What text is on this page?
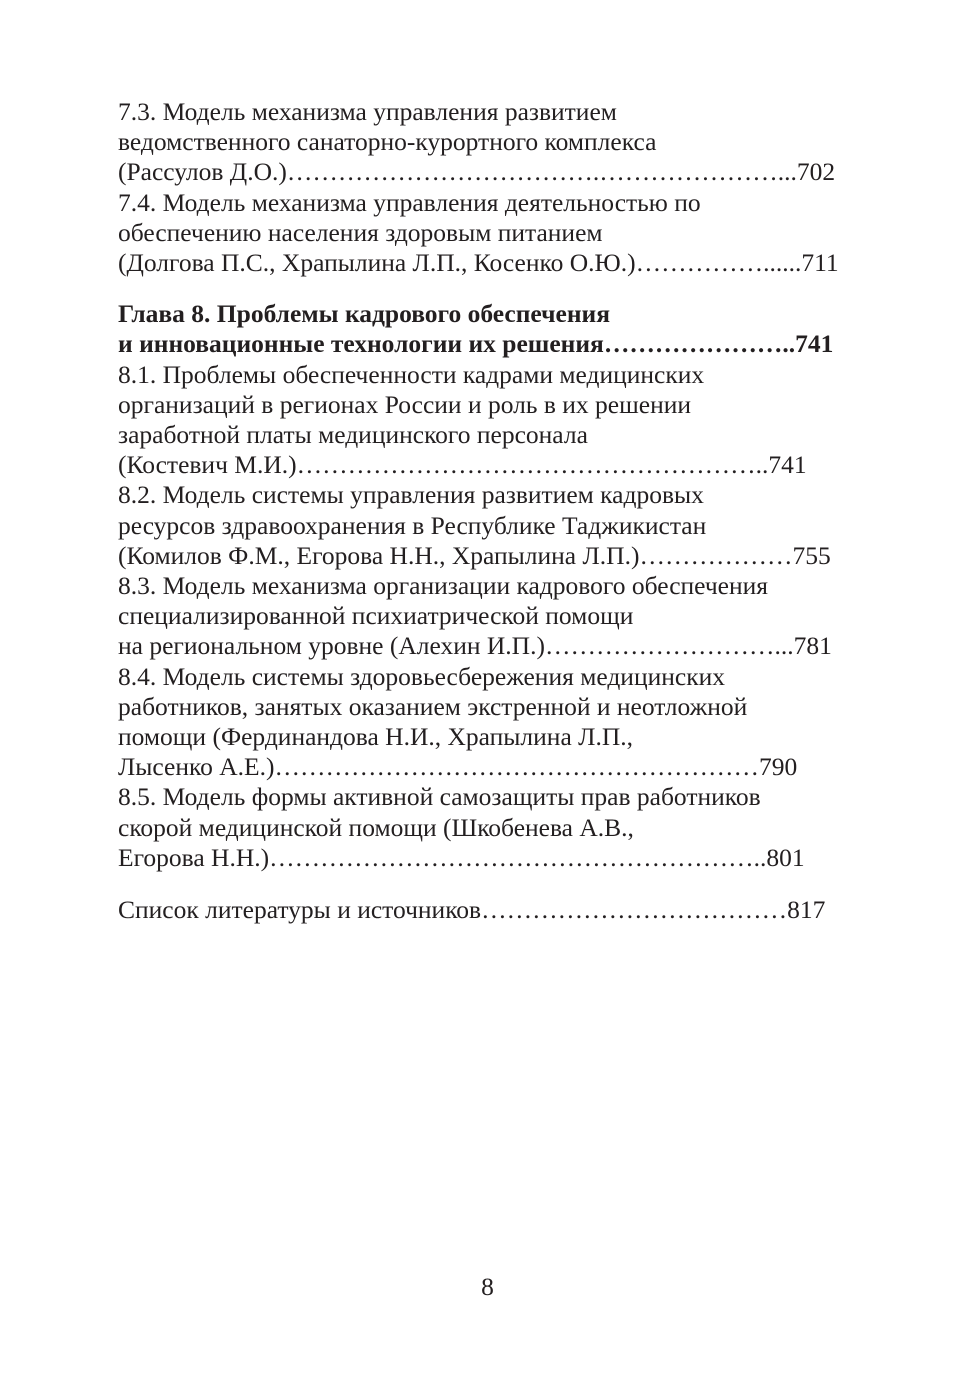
7.3. Модель механизма управления развитием
ведомственного санаторно-курортного комплекса
(Рассулов Д.О.)……………………………….…………………...702
7.4. Модель механизма управления деятельностью по
обеспечению населения здоровым питанием
(Долгова П.С., Храпылина Л.П., Косенко О.Ю.)……………......711
Глава 8. Проблемы кадрового обеспечения
и инновационные технологии их решения…………………..741
8.1. Проблемы обеспеченности кадрами медицинских
организаций в регионах России и роль в их решении
заработной платы медицинского персонала
(Костевич М.И.)………………………………………………..741
8.2. Модель системы управления развитием кадровых
ресурсов здравоохранения в Республике Таджикистан
(Комилов Ф.М., Егорова Н.Н., Храпылина Л.П.)………………755
8.3. Модель механизма организации кадрового обеспечения
специализированной психиатрической помощи
на региональном уровне (Алехин И.П.)………………………...781
8.4. Модель системы здоровьесбережения медицинских
работников, занятых оказанием экстренной и неотложной
помощи (Фердинандова Н.И., Храпылина Л.П.,
Лысенко А.Е.)…………………………………………………790
8.5. Модель формы активной самозащиты прав работников
скорой медицинской помощи (Шкобенева А.В.,
Егорова Н.Н.)…………………………………………………..801
Список литературы и источников………………………………817
8
